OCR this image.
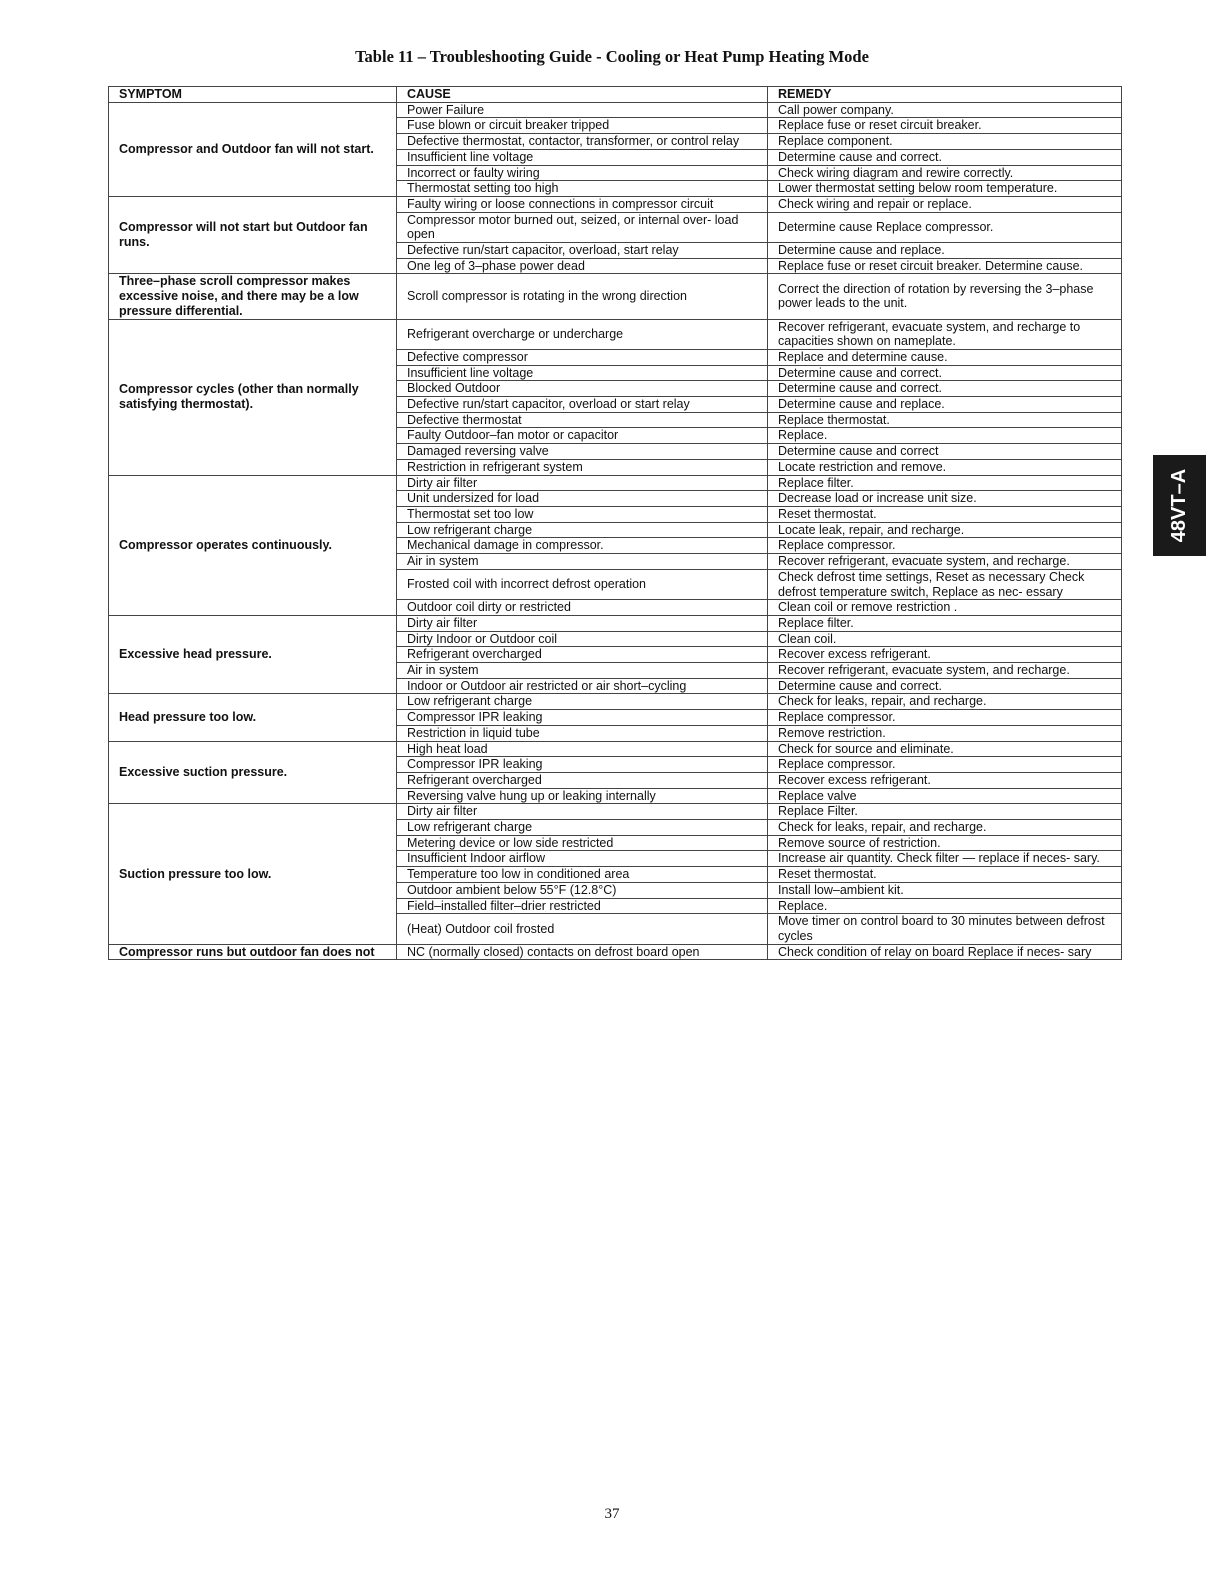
Table 11 – Troubleshooting Guide - Cooling or Heat Pump Heating Mode
SYMPTOM	CAUSE	REMEDY
Compressor and Outdoor fan will not start.	Power Failure	Call power company.
	Fuse blown or circuit breaker tripped	Replace fuse or reset circuit breaker.
	Defective thermostat, contactor, transformer, or control relay	Replace component.
	Insufficient line voltage	Determine cause and correct.
	Incorrect or faulty wiring	Check wiring diagram and rewire correctly.
	Thermostat setting too high	Lower thermostat setting below room temperature.
Compressor will not start but Outdoor fan runs.	Faulty wiring or loose connections in compressor circuit	Check wiring and repair or replace.
	Compressor motor burned out, seized, or internal over- load open	Determine cause Replace compressor.
	Defective run/start capacitor, overload, start relay	Determine cause and replace.
	One leg of 3–phase power dead	Replace fuse or reset circuit breaker. Determine cause.
Three–phase scroll compressor makes excessive noise, and there may be a low pressure differential.	Scroll compressor is rotating in the wrong direction	Correct the direction of rotation by reversing the 3–phase power leads to the unit.
Compressor cycles (other than normally satisfying thermostat).	Refrigerant overcharge or undercharge	Recover refrigerant, evacuate system, and recharge to capacities shown on nameplate.
	Defective compressor	Replace and determine cause.
	Insufficient line voltage	Determine cause and correct.
	Blocked Outdoor	Determine cause and correct.
	Defective run/start capacitor, overload or start relay	Determine cause and replace.
	Defective thermostat	Replace thermostat.
	Faulty Outdoor–fan motor or capacitor	Replace.
	Damaged reversing valve	Determine cause and correct
	Restriction in refrigerant system	Locate restriction and remove.
Compressor operates continuously.	Dirty air filter	Replace filter.
	Unit undersized for load	Decrease load or increase unit size.
	Thermostat set too low	Reset thermostat.
	Low refrigerant charge	Locate leak, repair, and recharge.
	Mechanical damage in compressor.	Replace compressor.
	Air in system	Recover refrigerant, evacuate system, and recharge.
	Frosted coil with incorrect defrost operation	Check defrost time settings, Reset as necessary Check defrost temperature switch, Replace as nec- essary
	Outdoor coil dirty or restricted	Clean coil or remove restriction .
Excessive head pressure.	Dirty air filter	Replace filter.
	Dirty Indoor or Outdoor coil	Clean coil.
	Refrigerant overcharged	Recover excess refrigerant.
	Air in system	Recover refrigerant, evacuate system, and recharge.
	Indoor or Outdoor air restricted or air short–cycling	Determine cause and correct.
Head pressure too low.	Low refrigerant charge	Check for leaks, repair, and recharge.
	Compressor IPR leaking	Replace compressor.
	Restriction in liquid tube	Remove restriction.
Excessive suction pressure.	High heat load	Check for source and eliminate.
	Compressor IPR leaking	Replace compressor.
	Refrigerant overcharged	Recover excess refrigerant.
	Reversing valve hung up or leaking internally	Replace valve
Suction pressure too low.	Dirty air filter	Replace Filter.
	Low refrigerant charge	Check for leaks, repair, and recharge.
	Metering device or low side restricted	Remove source of restriction.
	Insufficient Indoor airflow	Increase air quantity. Check filter — replace if neces- sary.
	Temperature too low in conditioned area	Reset thermostat.
	Outdoor ambient below 55°F (12.8°C)	Install low–ambient kit.
	Field–installed filter–drier restricted	Replace.
	(Heat) Outdoor coil frosted	Move timer on control board to 30 minutes between defrost cycles
Compressor runs but outdoor fan does not	NC (normally closed) contacts on defrost board open	Check condition of relay on board Replace if neces- sary
48VT–A
37
